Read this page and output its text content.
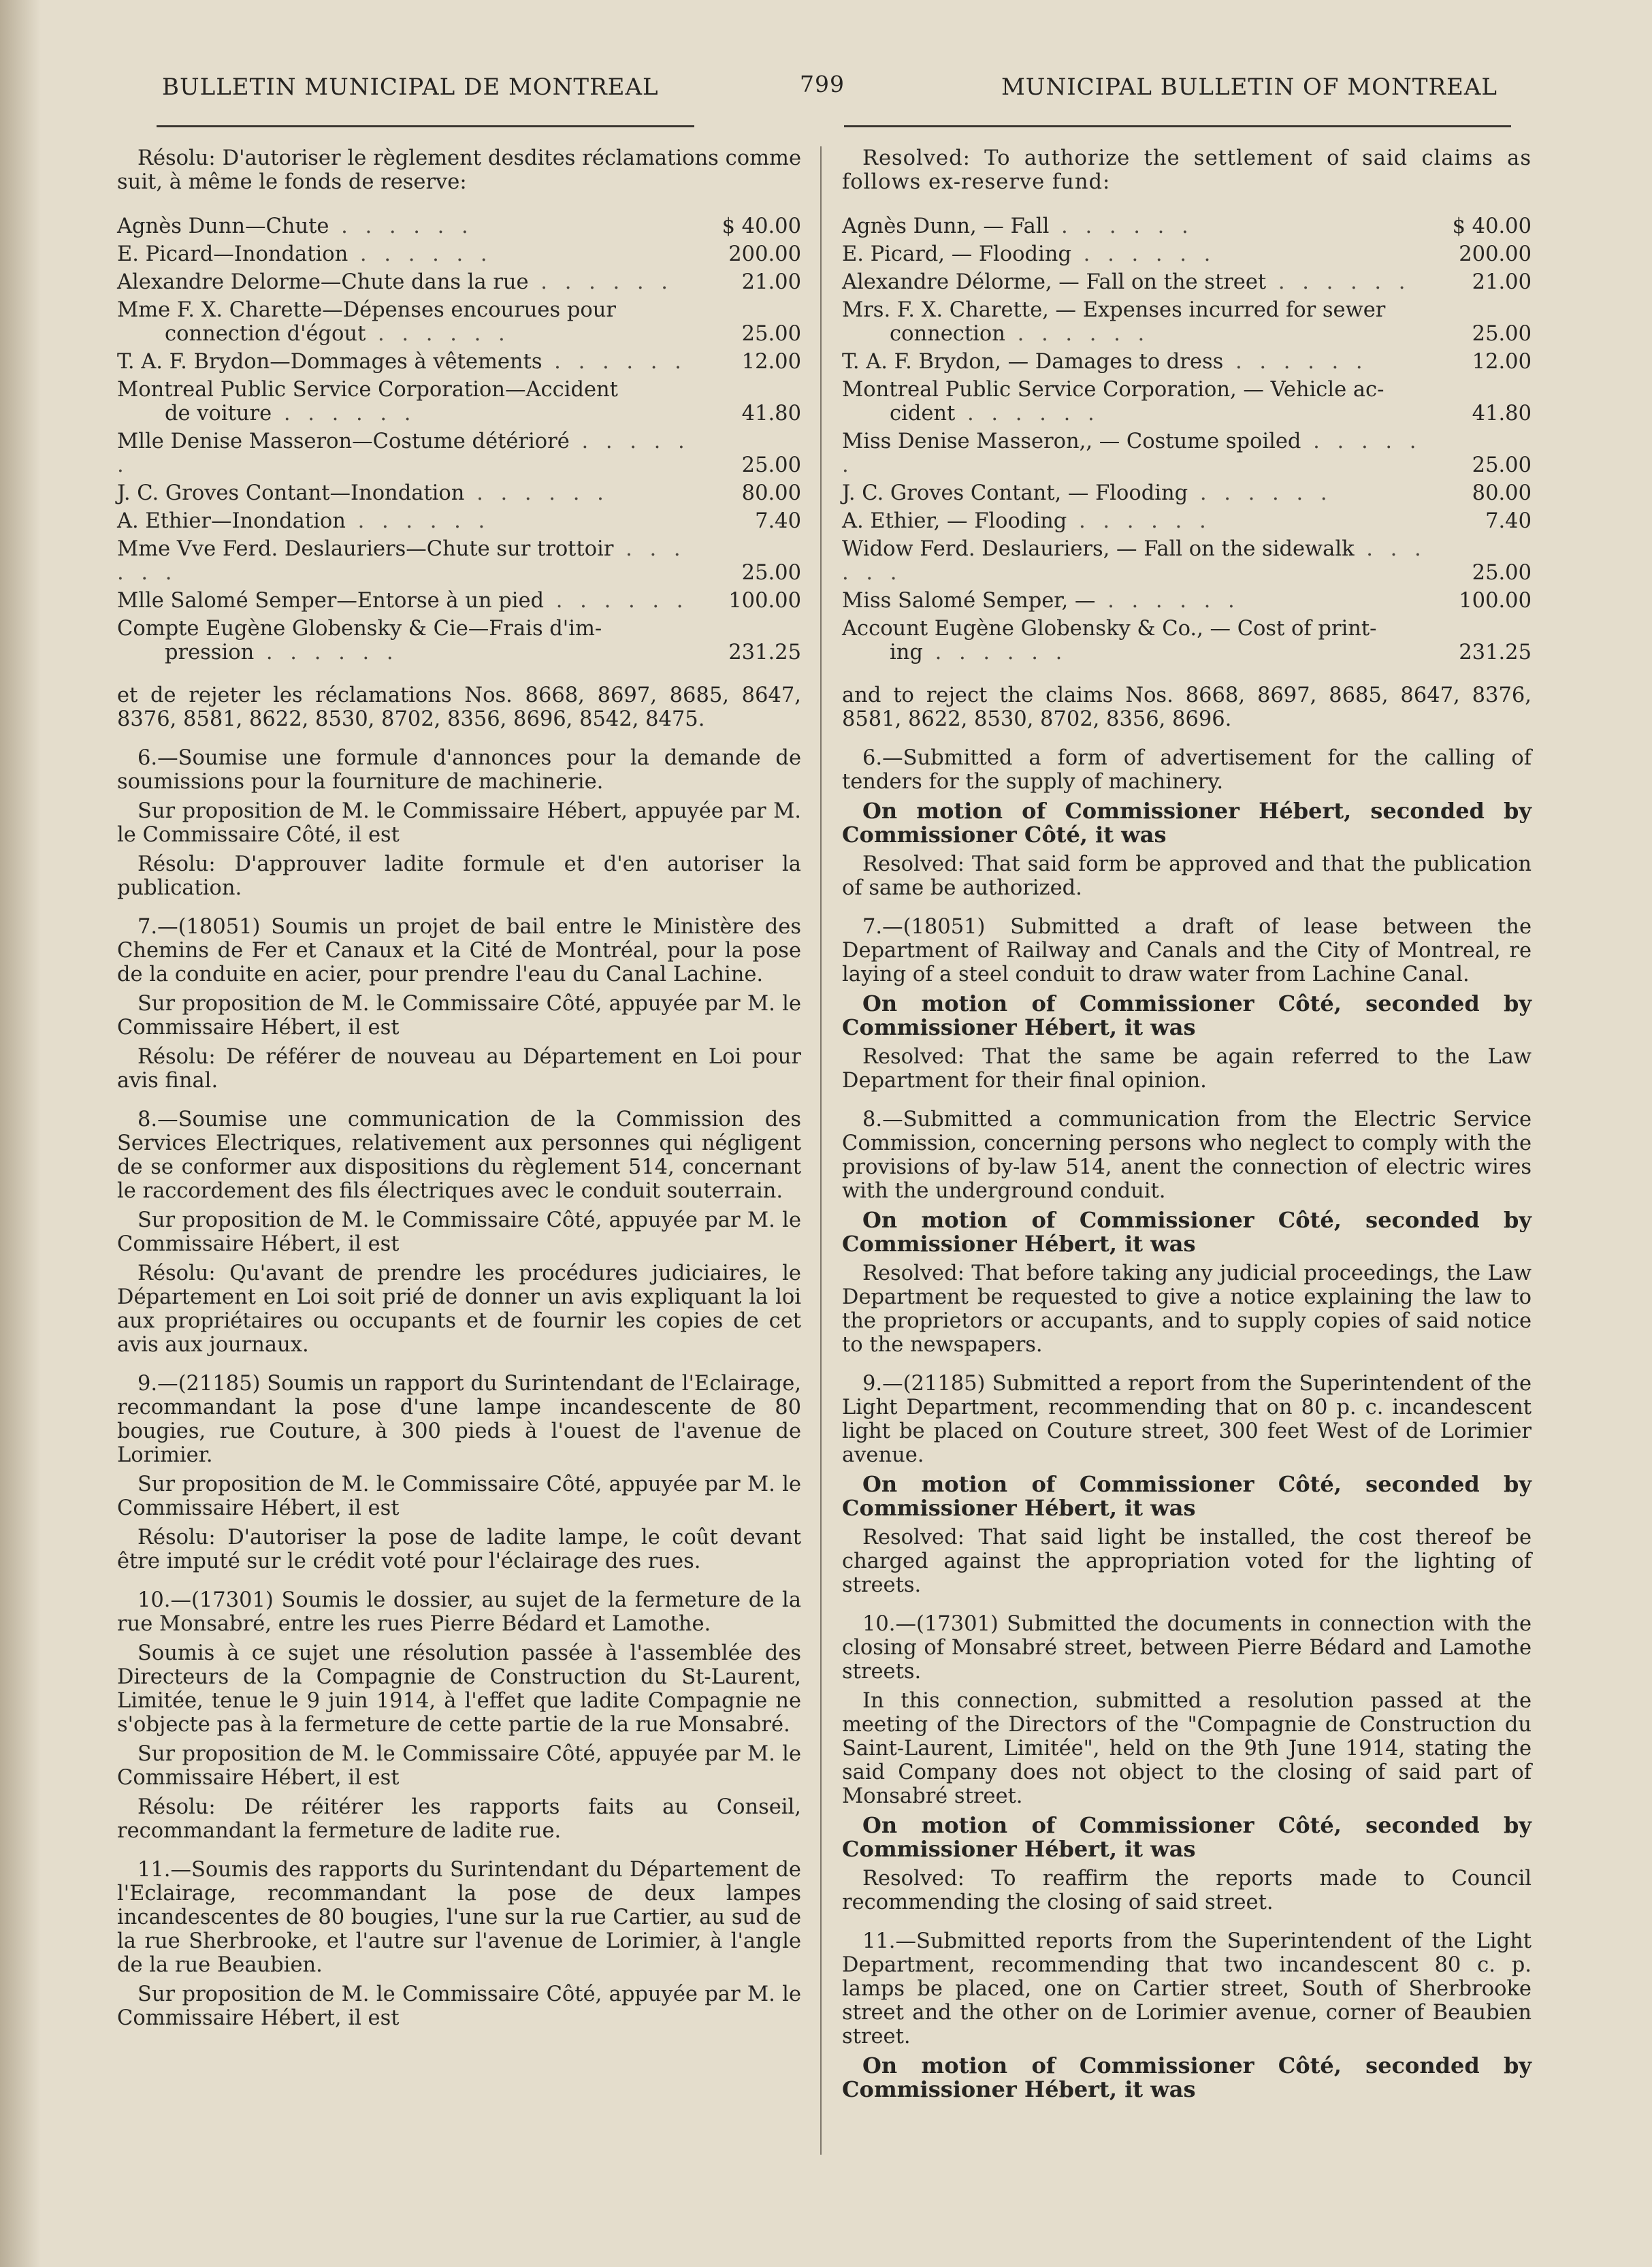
BULLETIN MUNICIPAL DE MONTREAL	799	MUNICIPAL BULLETIN OF MONTREAL

Résolu: D'autoriser le règlement desdites réclamations comme suit, à même le fonds de reserve:

Agnès Dunn—Chute . . . . . .	$ 40.00
E. Picard—Inondation . . . . . .	200.00
Alexandre Delorme—Chute dans la rue . . . . . .	21.00
Mme F. X. Charette—Dépenses encourues pour
connection d'égout . . . . . .	25.00
T. A. F. Brydon—Dommages à vêtements . . . . . .	12.00
Montreal Public Service Corporation—Accident
de voiture . . . . . .	41.80
Mlle Denise Masseron—Costume détérioré . . . . . .	25.00
J. C. Groves Contant—Inondation . . . . . .	80.00
A. Ethier—Inondation . . . . . .	7.40
Mme Vve Ferd. Deslauriers—Chute sur trottoir . . . . . .	25.00
Mlle Salomé Semper—Entorse à un pied . . . . . .	100.00
Compte Eugène Globensky & Cie—Frais d'im-
pression . . . . . .	231.25

et de rejeter les réclamations Nos. 8668, 8697, 8685, 8647, 8376, 8581, 8622, 8530, 8702, 8356, 8696, 8542, 8475.

6.—Soumise une formule d'annonces pour la demande de soumissions pour la fourniture de machinerie.

Sur proposition de M. le Commissaire Hébert, appuyée par M. le Commissaire Côté, il est

Résolu: D'approuver ladite formule et d'en autoriser la publication.

7.—(18051) Soumis un projet de bail entre le Ministère des Chemins de Fer et Canaux et la Cité de Montréal, pour la pose de la conduite en acier, pour prendre l'eau du Canal Lachine.

Sur proposition de M. le Commissaire Côté, appuyée par M. le Commissaire Hébert, il est

Résolu: De référer de nouveau au Département en Loi pour avis final.

8.—Soumise une communication de la Commission des Services Electriques, relativement aux personnes qui négligent de se conformer aux dispositions du règlement 514, concernant le raccordement des fils électriques avec le conduit souterrain.

Sur proposition de M. le Commissaire Côté, appuyée par M. le Commissaire Hébert, il est

Résolu: Qu'avant de prendre les procédures judiciaires, le Département en Loi soit prié de donner un avis expliquant la loi aux propriétaires ou occupants et de fournir les copies de cet avis aux journaux.

9.—(21185) Soumis un rapport du Surintendant de l'Eclairage, recommandant la pose d'une lampe incandescente de 80 bougies, rue Couture, à 300 pieds à l'ouest de l'avenue de Lorimier.

Sur proposition de M. le Commissaire Côté, appuyée par M. le Commissaire Hébert, il est

Résolu: D'autoriser la pose de ladite lampe, le coût devant être imputé sur le crédit voté pour l'éclairage des rues.

10.—(17301) Soumis le dossier, au sujet de la fermeture de la rue Monsabré, entre les rues Pierre Bédard et Lamothe.

Soumis à ce sujet une résolution passée à l'assemblée des Directeurs de la Compagnie de Construction du St-Laurent, Limitée, tenue le 9 juin 1914, à l'effet que ladite Compagnie ne s'objecte pas à la fermeture de cette partie de la rue Monsabré.

Sur proposition de M. le Commissaire Côté, appuyée par M. le Commissaire Hébert, il est

Résolu: De réitérer les rapports faits au Conseil, recommandant la fermeture de ladite rue.

11.—Soumis des rapports du Surintendant du Département de l'Eclairage, recommandant la pose de deux lampes incandescentes de 80 bougies, l'une sur la rue Cartier, au sud de la rue Sherbrooke, et l'autre sur l'avenue de Lorimier, à l'angle de la rue Beaubien.

Sur proposition de M. le Commissaire Côté, appuyée par M. le Commissaire Hébert, il est

Resolved: To authorize the settlement of said claims as follows ex-reserve fund:

Agnès Dunn, — Fall . . . . . .	$ 40.00
E. Picard, — Flooding . . . . . .	200.00
Alexandre Délorme, — Fall on the street . . . . . .	21.00
Mrs. F. X. Charette, — Expenses incurred for sewer
connection . . . . . .	25.00
T. A. F. Brydon, — Damages to dress . . . . . .	12.00
Montreal Public Service Corporation, — Vehicle ac-
cident . . . . . .	41.80
Miss Denise Masseron,, — Costume spoiled . . . . . .	25.00
J. C. Groves Contant, — Flooding . . . . . .	80.00
A. Ethier, — Flooding . . . . . .	7.40
Widow Ferd. Deslauriers, — Fall on the sidewalk . . . . . .	25.00
Miss Salomé Semper, — . . . . . .	100.00
Account Eugène Globensky & Co., — Cost of print-
ing . . . . . .	231.25

and to reject the claims Nos. 8668, 8697, 8685, 8647, 8376, 8581, 8622, 8530, 8702, 8356, 8696.

6.—Submitted a form of advertisement for the calling of tenders for the supply of machinery.

On motion of Commissioner Hébert, seconded by Commissioner Côté, it was

Resolved: That said form be approved and that the publication of same be authorized.

7.—(18051) Submitted a draft of lease between the Department of Railway and Canals and the City of Montreal, re laying of a steel conduit to draw water from Lachine Canal.

On motion of Commissioner Côté, seconded by Commissioner Hébert, it was

Resolved: That the same be again referred to the Law Department for their final opinion.

8.—Submitted a communication from the Electric Service Commission, concerning persons who neglect to comply with the provisions of by-law 514, anent the connection of electric wires with the underground conduit.

On motion of Commissioner Côté, seconded by Commissioner Hébert, it was

Resolved: That before taking any judicial proceedings, the Law Department be requested to give a notice explaining the law to the proprietors or accupants, and to supply copies of said notice to the newspapers.

9.—(21185) Submitted a report from the Superintendent of the Light Department, recommending that on 80 p. c. incandescent light be placed on Couture street, 300 feet West of de Lorimier avenue.

On motion of Commissioner Côté, seconded by Commissioner Hébert, it was

Resolved: That said light be installed, the cost thereof be charged against the appropriation voted for the lighting of streets.

10.—(17301) Submitted the documents in connection with the closing of Monsabré street, between Pierre Bédard and Lamothe streets.

In this connection, submitted a resolution passed at the meeting of the Directors of the "Compagnie de Construction du Saint-Laurent, Limitée", held on the 9th June 1914, stating the said Company does not object to the closing of said part of Monsabré street.

On motion of Commissioner Côté, seconded by Commissioner Hébert, it was

Resolved: To reaffirm the reports made to Council recommending the closing of said street.

11.—Submitted reports from the Superintendent of the Light Department, recommending that two incandescent 80 c. p. lamps be placed, one on Cartier street, South of Sherbrooke street and the other on de Lorimier avenue, corner of Beaubien street.

On motion of Commissioner Côté, seconded by Commissioner Hébert, it was
